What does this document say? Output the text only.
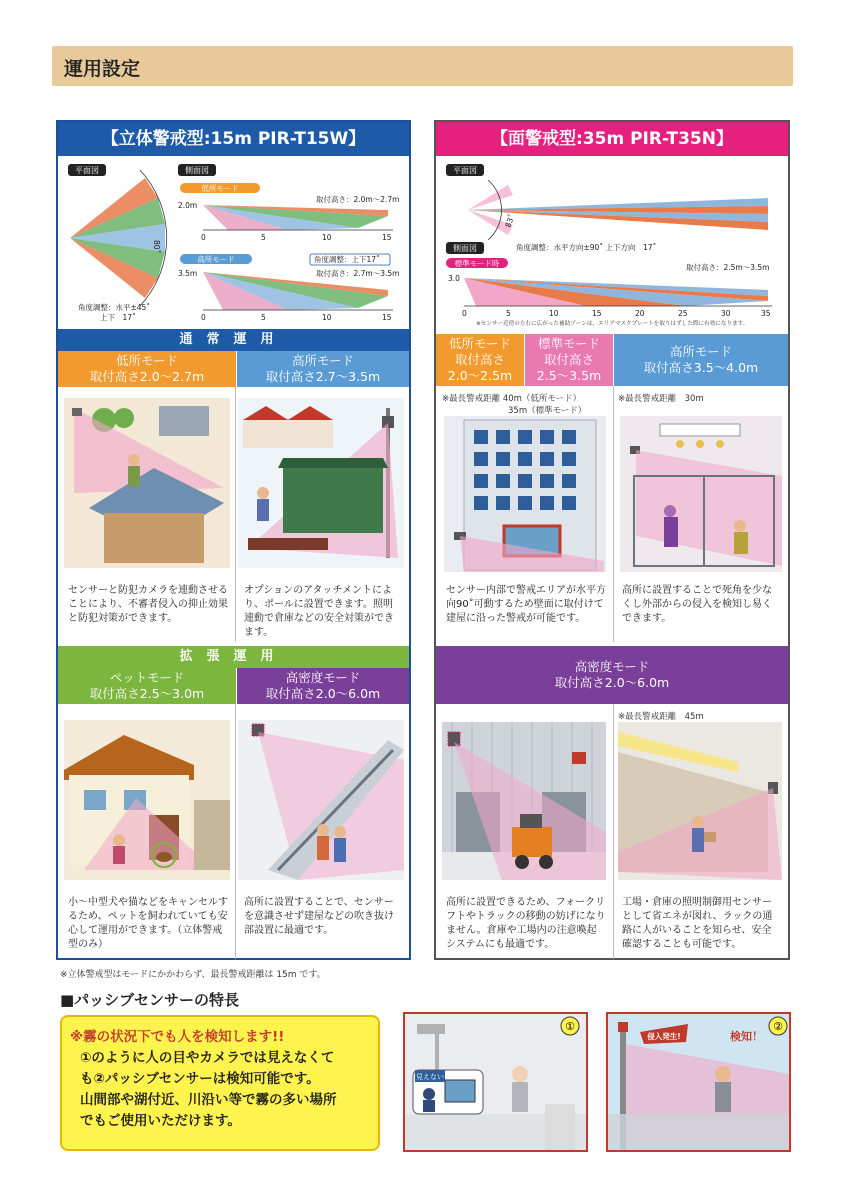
運用設定
【立体警戒型:15m PIR-T15W】
平面図	側面図
80˚
角度調整：水平±45˚
上下　17˚
低所モード
取付高さ：2.0m〜2.7m
2.0m
0	5	10	15
高所モード	角度調整：上下17˚
取付高さ：2.7m〜3.5m
3.5m
0	5	10	15
通常運用
低所モード
取付高さ2.0〜2.7m
高所モード
取付高さ2.7〜3.5m
センサーと防犯カメラを連動させることにより、不審者侵入の抑止効果と防犯対策ができます。
オプションのアタッチメントにより、ポールに設置できます。照明連動で倉庫などの安全対策ができます。
拡張運用
ペットモード
取付高さ2.5〜3.0m
高密度モード
取付高さ2.0〜6.0m
小〜中型犬や猫などをキャンセルするため、ペットを飼われていても安心して運用ができます。（立体警戒型のみ）
高所に設置することで、センサーを意識させず建屋などの吹き抜け部設置に最適です。
【面警戒型:35m PIR-T35N】
平面図
83˚
側面図	角度調整：水平方向±90˚ 上下方向　17˚
標準モード時	取付高さ：2.5m〜3.5m
3.0
0	5	10	15	20	25	30	35
※センサー近傍の左右に広がった補助ゾーンは、エリアマスクプレートを取りはずした際に有効になります。
低所モード
取付高さ
2.0〜2.5m
標準モード
取付高さ
2.5〜3.5m
高所モード
取付高さ3.5〜4.0m
※最長警戒距離 40m（低所モード）
35m（標準モード）
※最長警戒距離　30m
センサー内部で警戒エリアが水平方向90˚可動するため壁面に取付けて建屋に沿った警戒が可能です。
高所に設置することで死角を少なくし外部からの侵入を検知し易くできます。
高密度モード
取付高さ2.0〜6.0m
※最長警戒距離　45m
高所に設置できるため、フォークリフトやトラックの移動の妨げになりません。倉庫や工場内の注意喚起システムにも最適です。
工場・倉庫の照明制御用センサーとして省エネが図れ、ラックの通路に人がいることを知らせ、安全確認することも可能です。
※立体警戒型はモードにかかわらず、最長警戒距離は 15m です。
■パッシブセンサーの特長
※霧の状況下でも人を検知します!!
①のように人の目やカメラでは見えなくて
も②パッシブセンサーは検知可能です。
山間部や湖付近、川沿い等で霧の多い場所
でもご使用いただけます。
見えない
①
侵入発生!	検知！
②
